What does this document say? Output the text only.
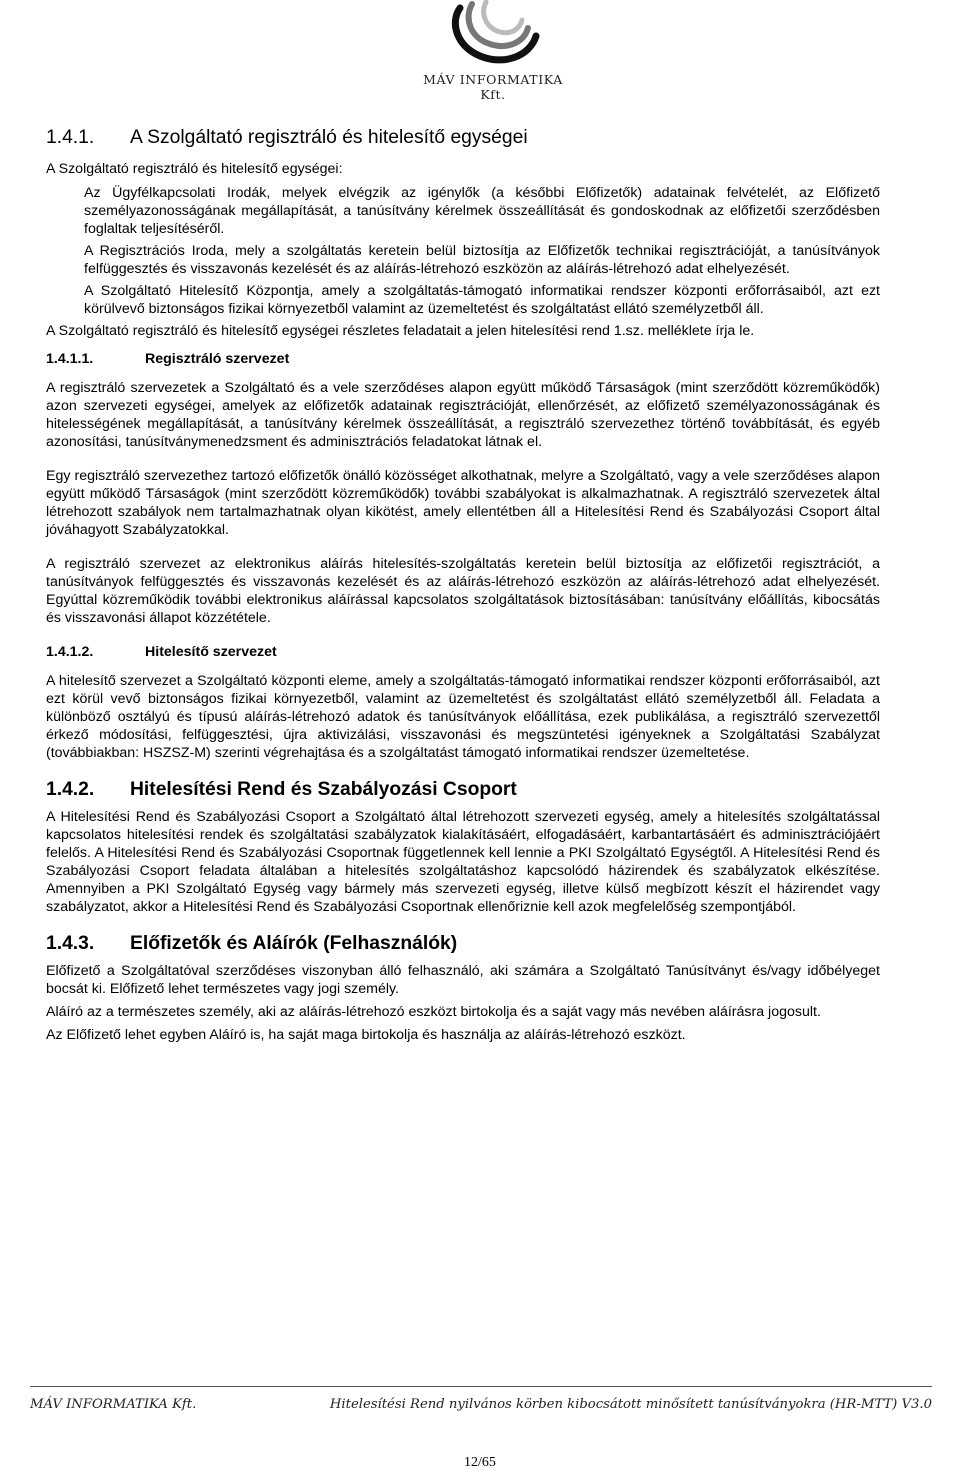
MÁV INFORMATIKA Kft.

1.4.1. A Szolgáltató regisztráló és hitelesítő egységei

A Szolgáltató regisztráló és hitelesítő egységei:

Az Ügyfélkapcsolati Irodák, melyek elvégzik az igénylők (a későbbi Előfizetők) adatainak felvételét, az Előfizető személyazonosságának megállapítását, a tanúsítvány kérelmek összeállítását és gondoskodnak az előfizetői szerződésben foglaltak teljesítéséről.

A Regisztrációs Iroda, mely a szolgáltatás keretein belül biztosítja az Előfizetők technikai regisztrációját, a tanúsítványok felfüggesztés és visszavonás kezelését és az aláírás-létrehozó eszközön az aláírás-létrehozó adat elhelyezését.

A Szolgáltató Hitelesítő Központja, amely a szolgáltatás-támogató informatikai rendszer központi erőforrásaiból, azt ezt körülvevő biztonságos fizikai környezetből valamint az üzemeltetést és szolgáltatást ellátó személyzetből áll.

A Szolgáltató regisztráló és hitelesítő egységei részletes feladatait a jelen hitelesítési rend 1.sz. melléklete írja le.

1.4.1.1.	Regisztráló szervezet

A regisztráló szervezetek a Szolgáltató és a vele szerződéses alapon együtt működő Társaságok (mint szerződött közreműködők) azon szervezeti egységei, amelyek az előfizetők adatainak regisztrációját, ellenőrzését, az előfizető személyazonosságának és hitelességének megállapítását, a tanúsítvány kérelmek összeállítását, a regisztráló szervezethez történő továbbítását, és egyéb azonosítási, tanúsítványmenedzsment és adminisztrációs feladatokat látnak el.

Egy regisztráló szervezethez tartozó előfizetők önálló közösséget alkothatnak, melyre a Szolgáltató, vagy a vele szerződéses alapon együtt működő Társaságok (mint szerződött közreműködők) további szabályokat is alkalmazhatnak. A regisztráló szervezetek által létrehozott szabályok nem tartalmazhatnak olyan kikötést, amely ellentétben áll a Hitelesítési Rend és Szabályozási Csoport által jóváhagyott Szabályzatokkal.

A regisztráló szervezet az elektronikus aláírás hitelesítés-szolgáltatás keretein belül biztosítja az előfizetői regisztrációt, a tanúsítványok felfüggesztés és visszavonás kezelését és az aláírás-létrehozó eszközön az aláírás-létrehozó adat elhelyezését. Egyúttal közreműködik további elektronikus aláírással kapcsolatos szolgáltatások biztosításában: tanúsítvány előállítás, kibocsátás és visszavonási állapot közzététele.

1.4.1.2.	Hitelesítő szervezet

A hitelesítő szervezet a Szolgáltató központi eleme, amely a szolgáltatás-támogató informatikai rendszer központi erőforrásaiból, azt ezt körül vevő biztonságos fizikai környezetből, valamint az üzemeltetést és szolgáltatást ellátó személyzetből áll. Feladata a különböző osztályú és típusú aláírás-létrehozó adatok és tanúsítványok előállítása, ezek publikálása, a regisztráló szervezettől érkező módosítási, felfüggesztési, újra aktivizálási, visszavonási és megszüntetési igényeknek a Szolgáltatási Szabályzat (továbbiakban: HSZSZ-M) szerinti végrehajtása és a szolgáltatást támogató informatikai rendszer üzemeltetése.

1.4.2. Hitelesítési Rend és Szabályozási Csoport

A Hitelesítési Rend és Szabályozási Csoport a Szolgáltató által létrehozott szervezeti egység, amely a hitelesítés szolgáltatással kapcsolatos hitelesítési rendek és szolgáltatási szabályzatok kialakításáért, elfogadásáért, karbantartásáért és adminisztrációjáért felelős. A Hitelesítési Rend és Szabályozási Csoportnak függetlennek kell lennie a PKI Szolgáltató Egységtől. A Hitelesítési Rend és Szabályozási Csoport feladata általában a hitelesítés szolgáltatáshoz kapcsolódó házirendek és szabályzatok elkészítése. Amennyiben a PKI Szolgáltató Egység vagy bármely más szervezeti egység, illetve külső megbízott készít el házirendet vagy szabályzatot, akkor a Hitelesítési Rend és Szabályozási Csoportnak ellenőriznie kell azok megfelelőség szempontjából.

1.4.3. Előfizetők és Aláírók (Felhasználók)

Előfizető a Szolgáltatóval szerződéses viszonyban álló felhasználó, aki számára a Szolgáltató Tanúsítványt és/vagy időbélyeget bocsát ki. Előfizető lehet természetes vagy jogi személy.

Aláíró az a természetes személy, aki az aláírás-létrehozó eszközt birtokolja és a saját vagy más nevében aláírásra jogosult.

Az Előfizető lehet egyben Aláíró is, ha saját maga birtokolja és használja az aláírás-létrehozó eszközt.

MÁV INFORMATIKA Kft.	Hitelesítési Rend nyilvános körben kibocsátott minősített tanúsítványokra (HR-MTT) V3.0
12/65
